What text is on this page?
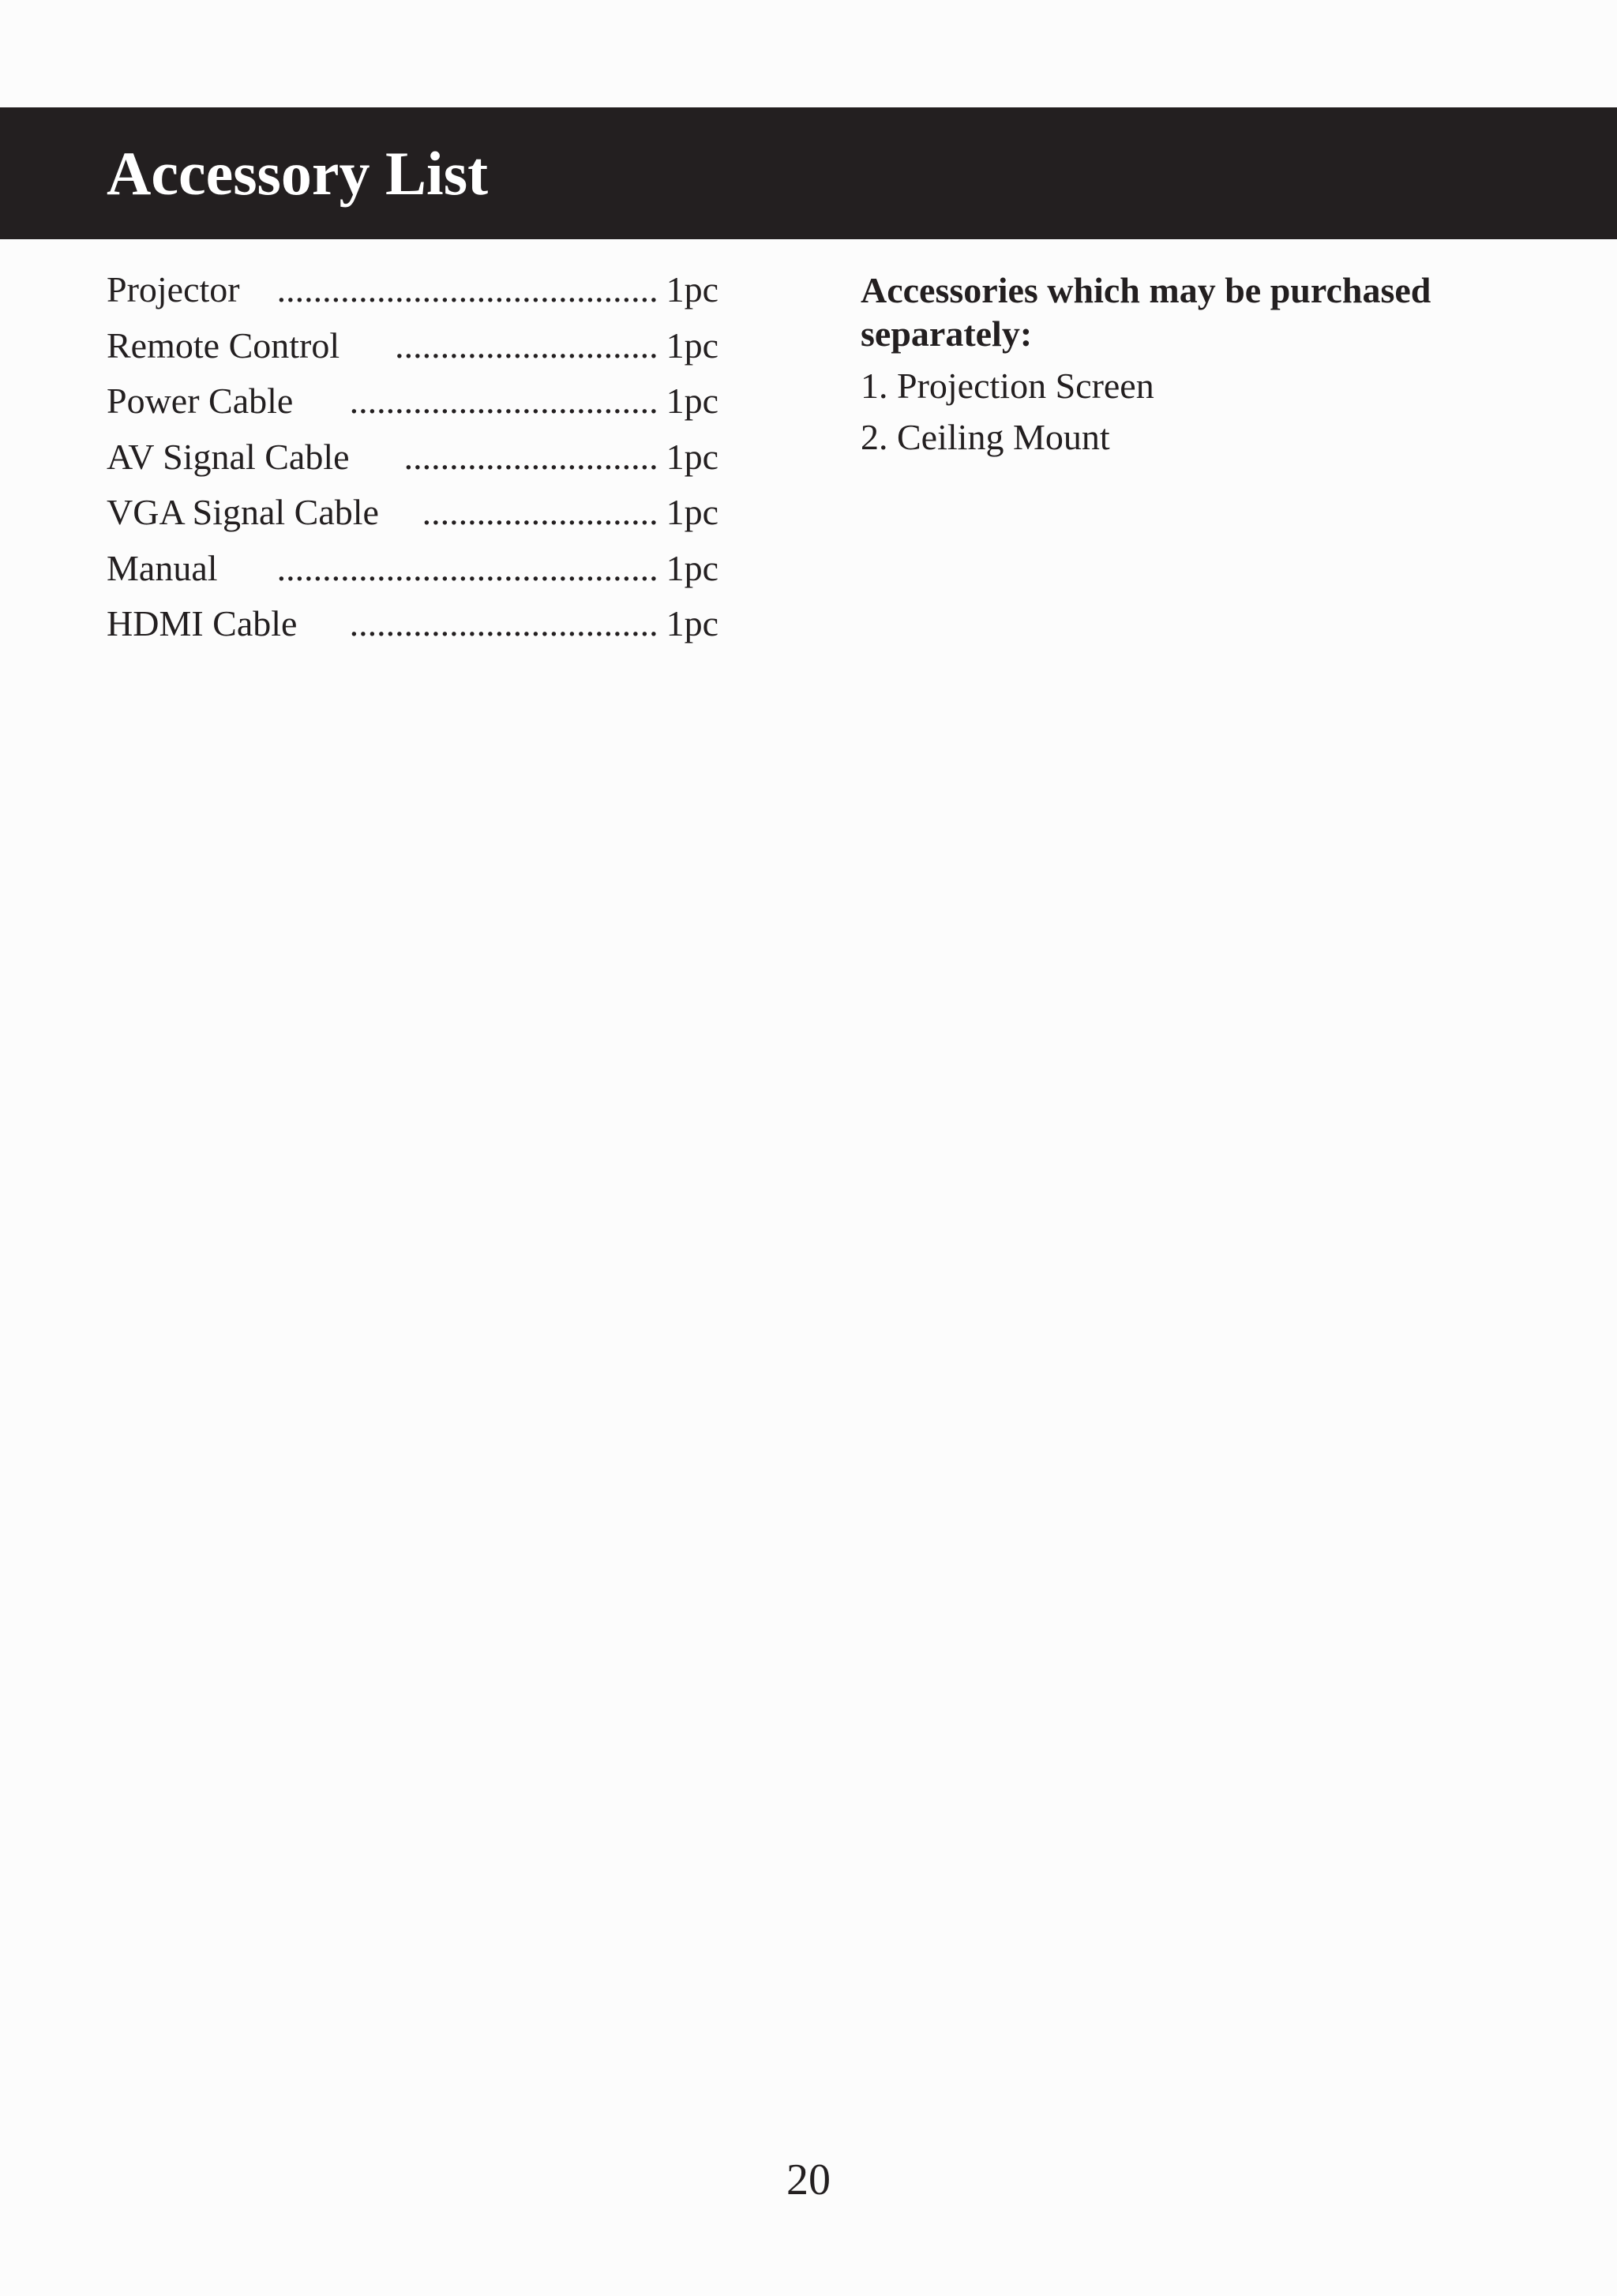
Accessory List
Projector	.......................................... 1pc
Remote Control	............................. 1pc
Power Cable	.................................. 1pc
AV Signal Cable	............................ 1pc
VGA Signal Cable	.......................... 1pc
Manual	.......................................... 1pc
HDMI Cable	.................................. 1pc

Accessories which may be purchased separately:

1. Projection Screen
2. Ceiling Mount
20
